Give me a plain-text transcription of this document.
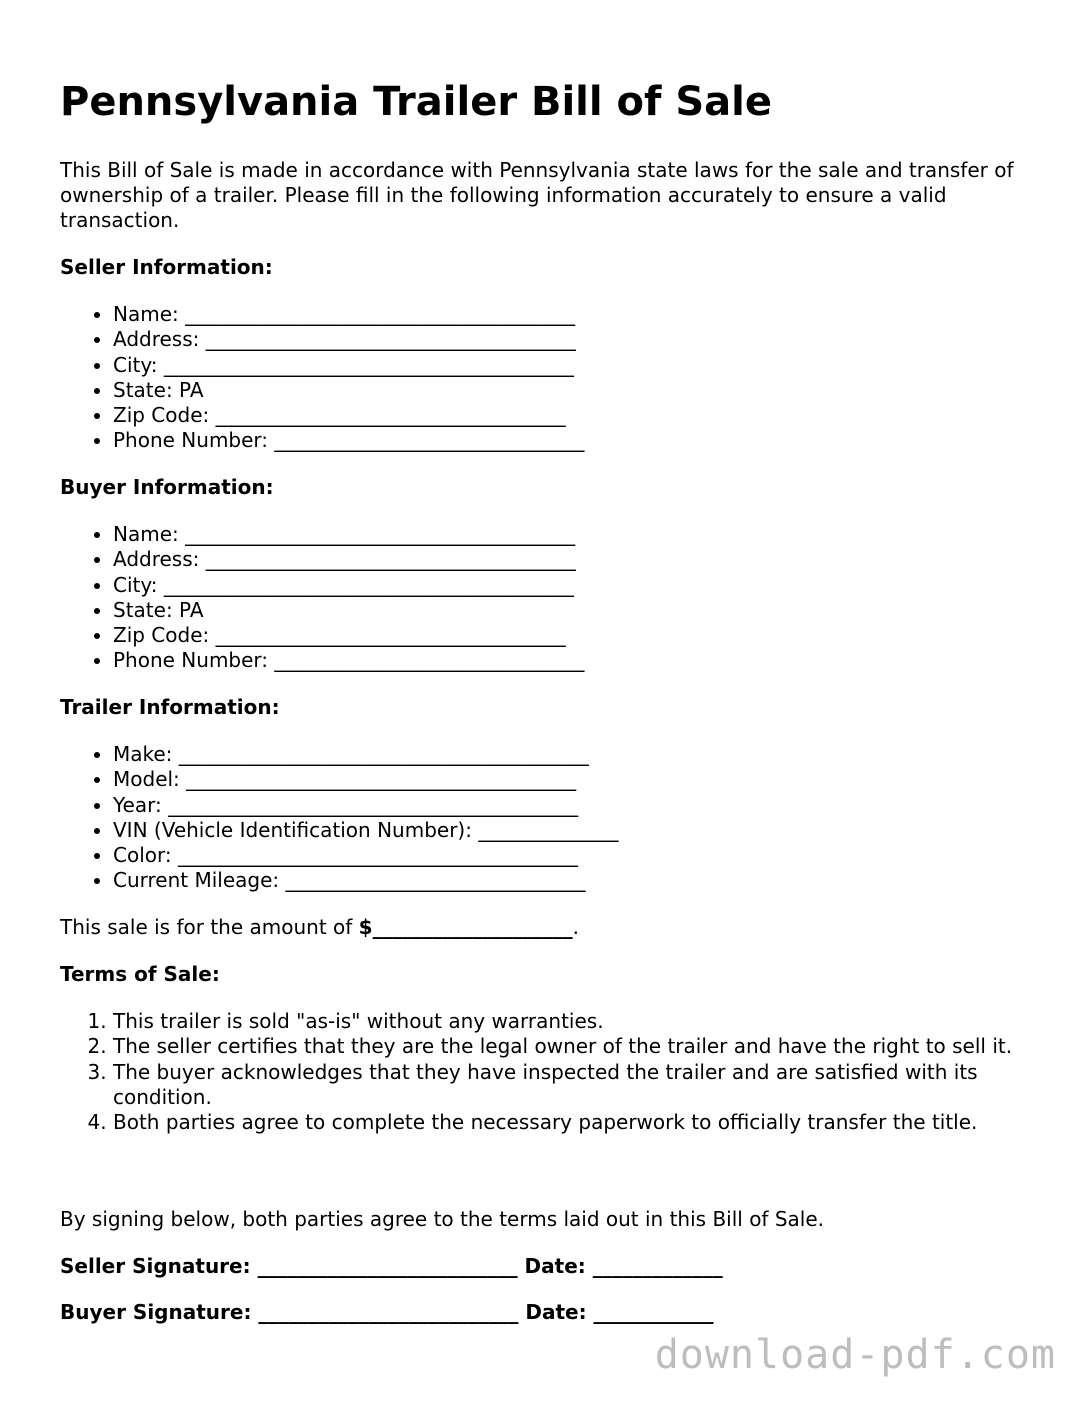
Pennsylvania Trailer Bill of Sale

This Bill of Sale is made in accordance with Pennsylvania state laws for the sale and transfer of ownership of a trailer. Please fill in the following information accurately to ensure a valid transaction.

Seller Information:

• Name: _______________________________________
• Address: _____________________________________
• City: _________________________________________
• State: PA
• Zip Code: ___________________________________
• Phone Number: _______________________________

Buyer Information:

• Name: _______________________________________
• Address: _____________________________________
• City: _________________________________________
• State: PA
• Zip Code: ___________________________________
• Phone Number: _______________________________

Trailer Information:

• Make: _________________________________________
• Model: _______________________________________
• Year: _________________________________________
• VIN (Vehicle Identification Number): ______________
• Color: ________________________________________
• Current Mileage: ______________________________

This sale is for the amount of $____________________.

Terms of Sale:

1. This trailer is sold "as-is" without any warranties.
2. The seller certifies that they are the legal owner of the trailer and have the right to sell it.
3. The buyer acknowledges that they have inspected the trailer and are satisfied with its condition.
4. Both parties agree to complete the necessary paperwork to officially transfer the title.

By signing below, both parties agree to the terms laid out in this Bill of Sale.

Seller Signature: __________________________ Date: _____________

Buyer Signature: __________________________ Date: ____________

download-pdf.com
